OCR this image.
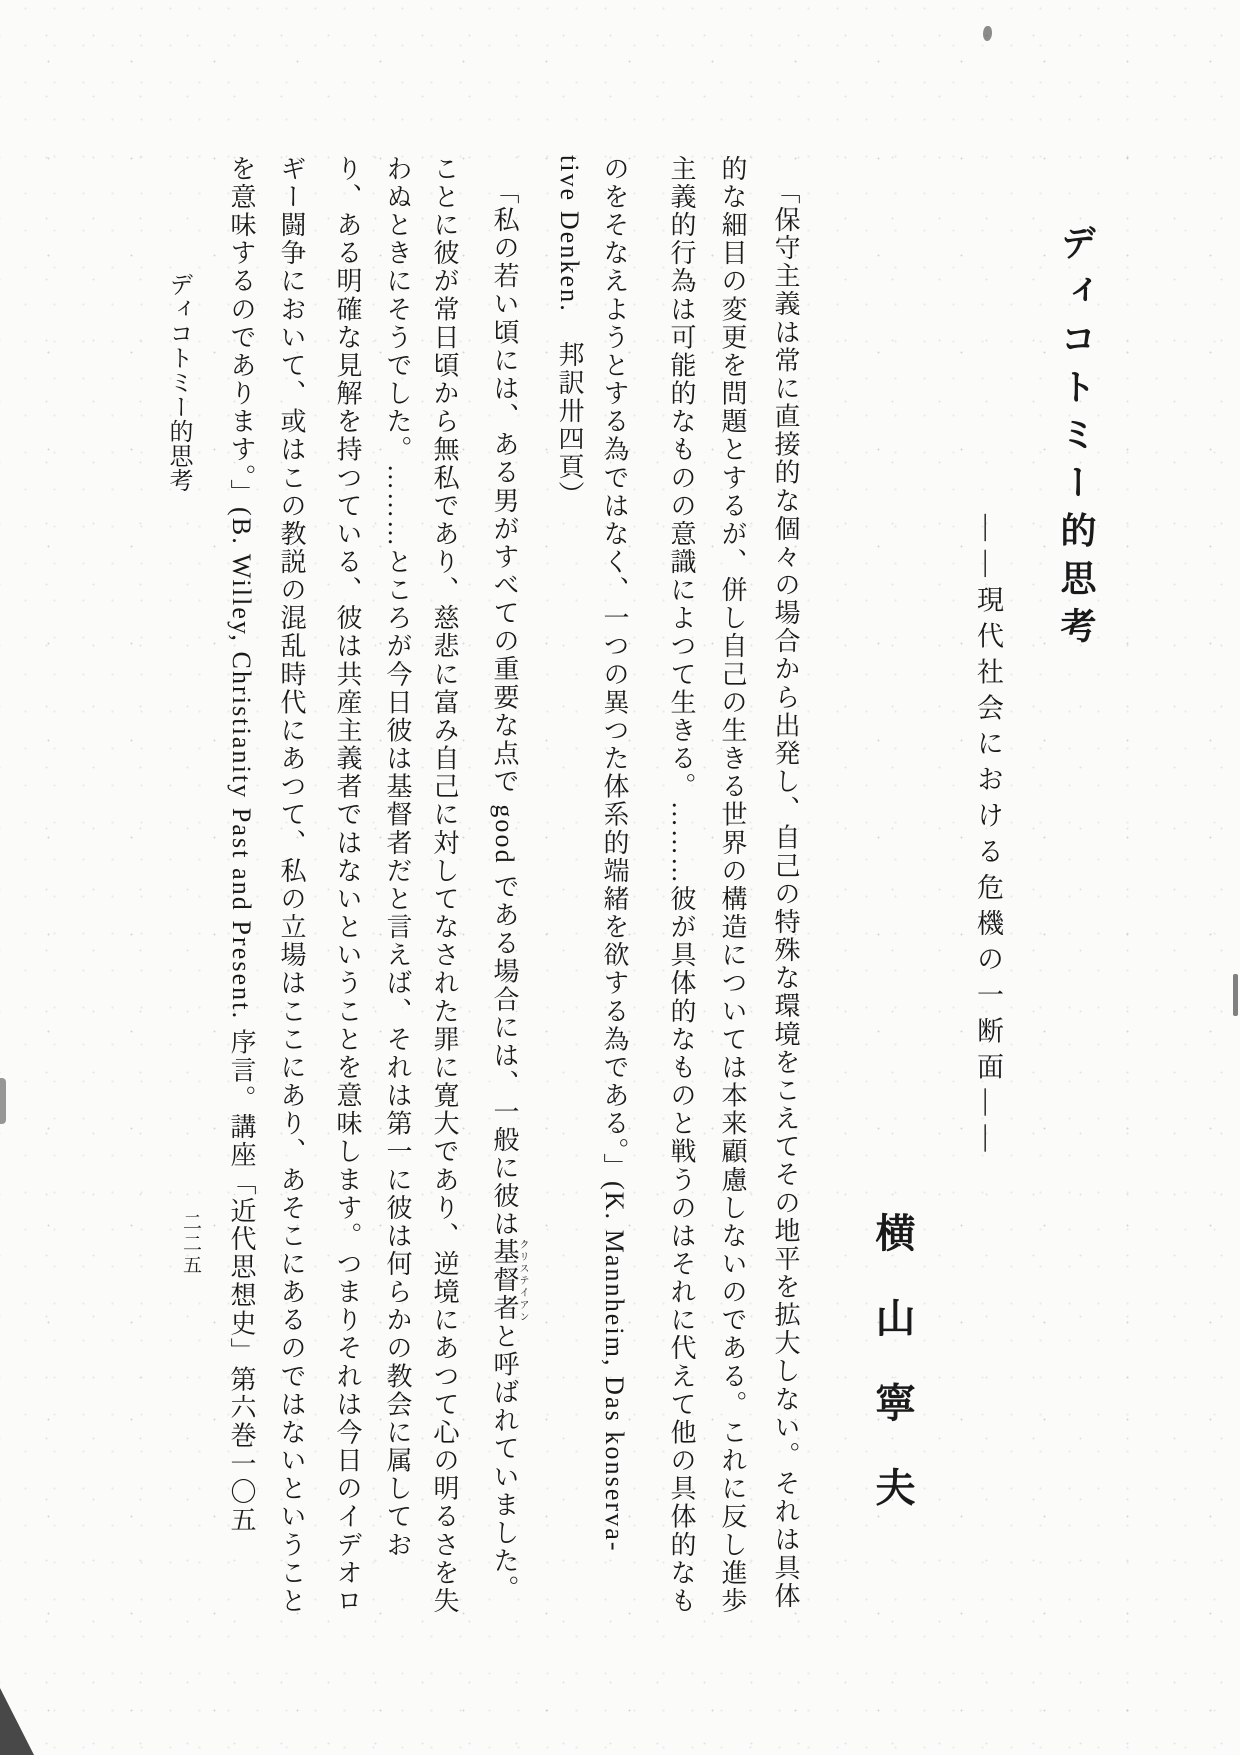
ディコトミー的思考
――現代社会における危機の一断面――
横山寧夫
「保守主義は常に直接的な個々の場合から出発し、自己の特殊な環境をこえてその地平を拡大しない。それは具体
的な細目の変更を問題とするが、併し自己の生きる世界の構造については本来顧慮しないのである。これに反し進歩
主義的行為は可能的なものの意識によつて生きる。………彼が具体的なものと戦うのはそれに代えて他の具体的なも
のをそなえようとする為ではなく、一つの異つた体系的端緒を欲する為である。」(K. Mannheim, Das konserva-
tive Denken.　邦訳卅四頁）
「私の若い頃には、ある男がすべての重要な点で good である場合には、一般に彼は基督者クリステイアンと呼ばれていました。
ことに彼が常日頃から無私であり、慈悲に富み自己に対してなされた罪に寛大であり、逆境にあつて心の明るさを失
わぬときにそうでした。………ところが今日彼は基督者だと言えば、それは第一に彼は何らかの教会に属してお
り、ある明確な見解を持つている、彼は共産主義者ではないということを意味します。つまりそれは今日のイデオロ
ギー闘争において、或はこの教説の混乱時代にあつて、私の立場はここにあり、あそこにあるのではないということ
を意味するのであります。」(B. Willey, Christianity Past and Present. 序言。講座「近代思想史」第六巻一〇五
ディコトミー的思考
二二五
